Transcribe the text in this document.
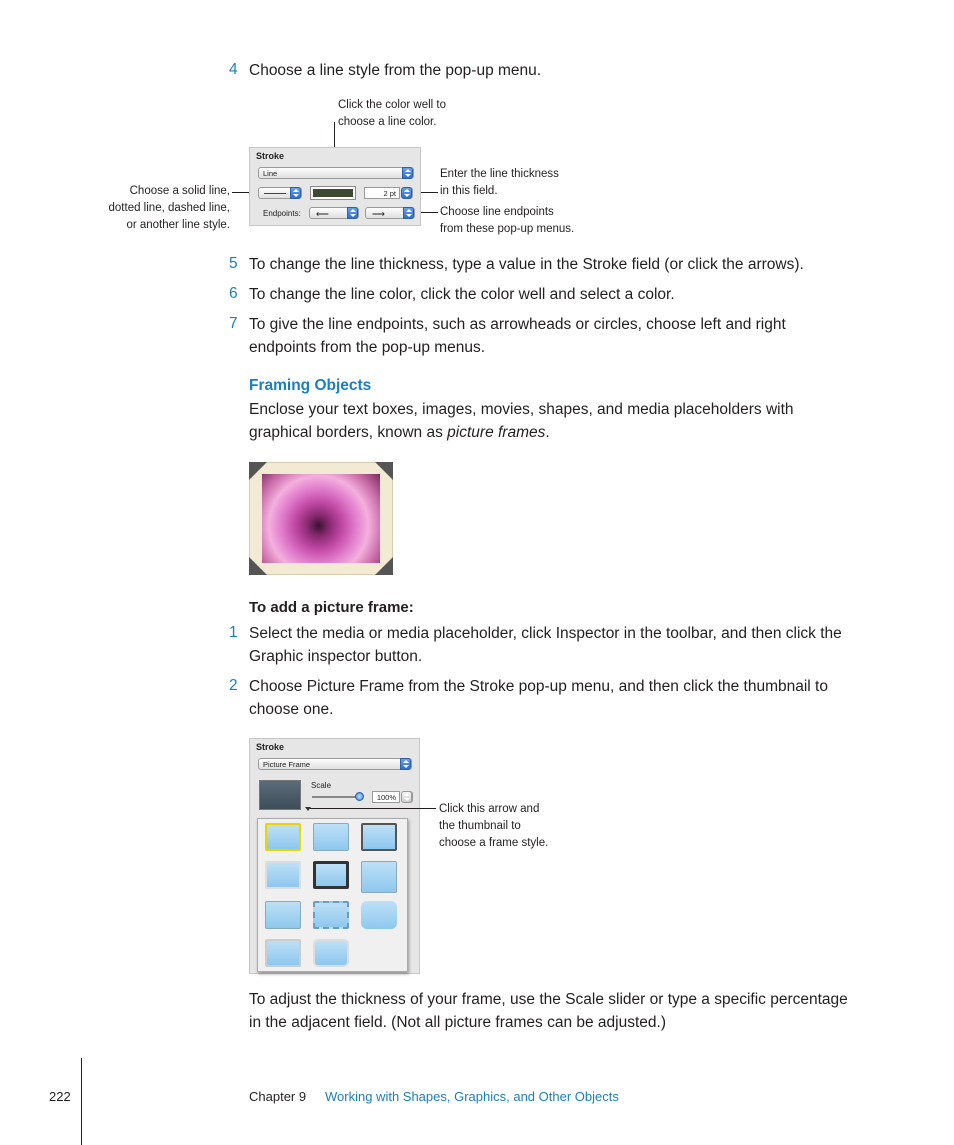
4 Choose a line style from the pop-up menu.
Click the color well to
choose a line color.
Choose a solid line,
dotted line, dashed line,
or another line style.
Enter the line thickness
in this field.
Choose line endpoints
from these pop-up menus.
Stroke
Line
2 pt
Endpoints: ⟵	⟶
5 To change the line thickness, type a value in the Stroke field (or click the arrows).
6 To change the line color, click the color well and select a color.
7 To give the line endpoints, such as arrowheads or circles, choose left and right
endpoints from the pop-up menus.
Framing Objects
Enclose your text boxes, images, movies, shapes, and media placeholders with
graphical borders, known as picture frames.
To add a picture frame:
1 Select the media or media placeholder, click Inspector in the toolbar, and then click the
Graphic inspector button.
2 Choose Picture Frame from the Stroke pop-up menu, and then click the thumbnail to
choose one.
Stroke
Picture Frame
Scale
100%
Click this arrow and
the thumbnail to
choose a frame style.
To adjust the thickness of your frame, use the Scale slider or type a specific percentage
in the adjacent field. (Not all picture frames can be adjusted.)
222	Chapter 9 Working with Shapes, Graphics, and Other Objects
